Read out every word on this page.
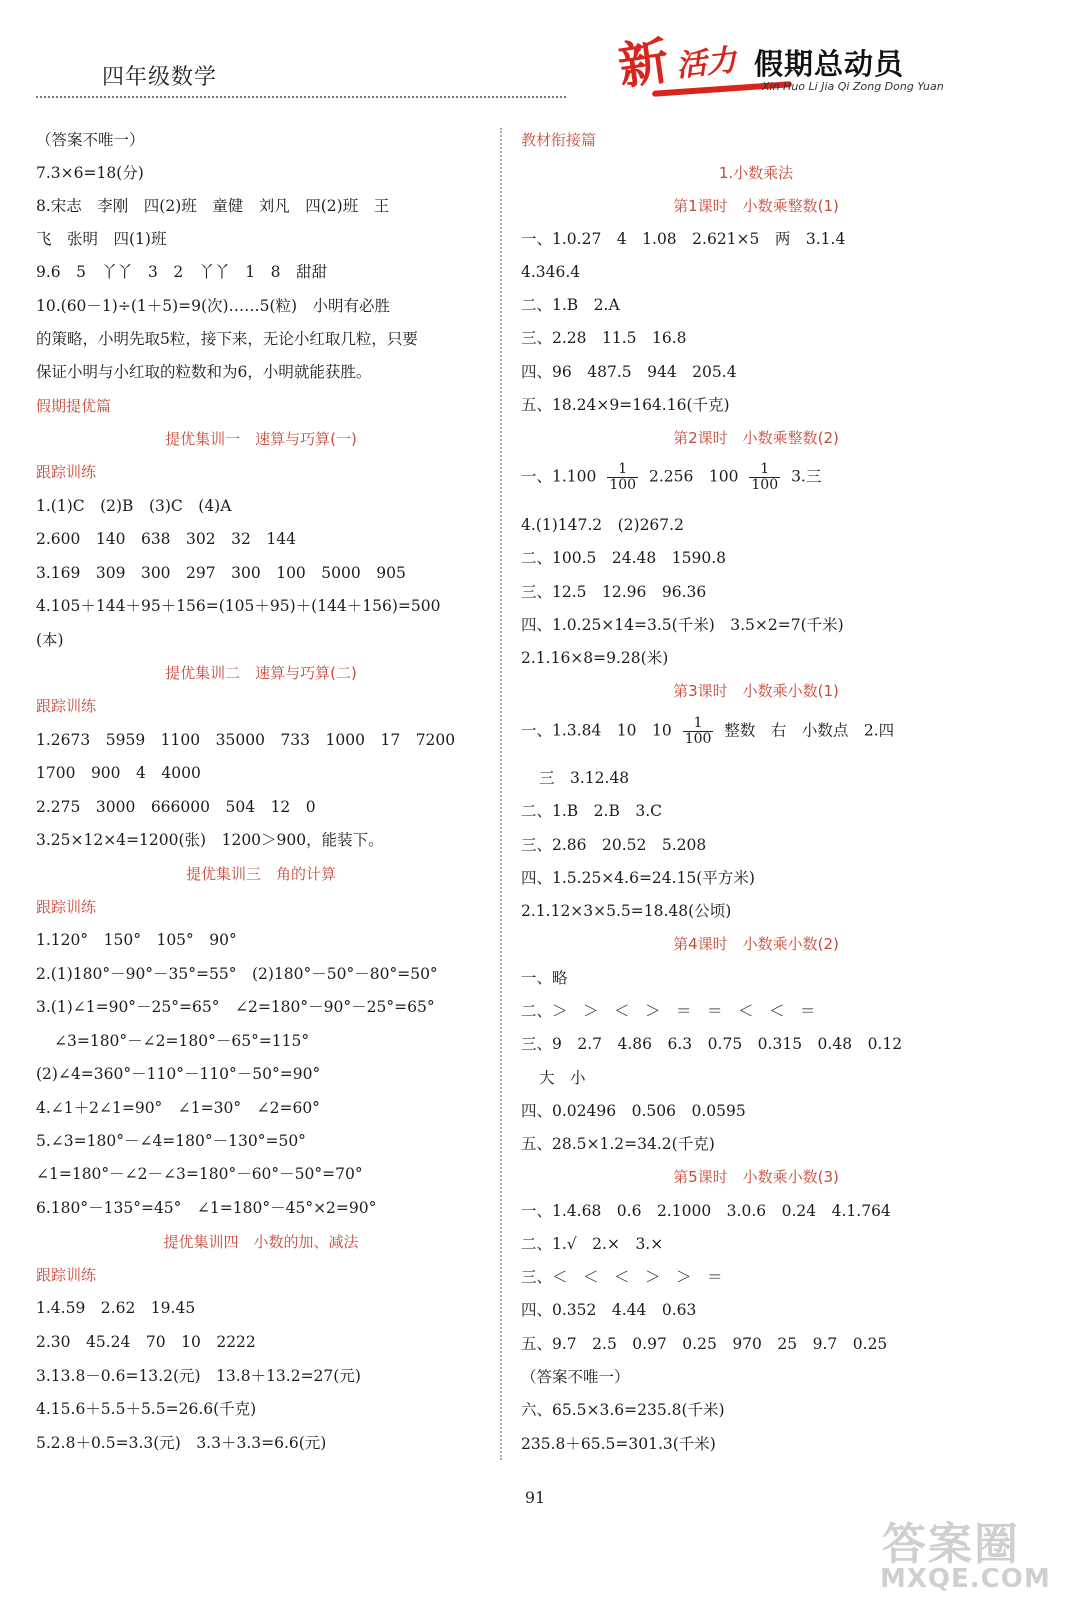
四年级数学	新 活力 假期总动员
Xin Huo Li Jia Qi Zong Dong Yuan
（答案不唯一）
7.3×6=18(分)
8.宋志　李刚　四(2)班　童健　刘凡　四(2)班　王
飞　张明　四(1)班
9.6　5　丫丫　3　2　丫丫　1　8　甜甜
10.(60－1)÷(1＋5)=9(次)……5(粒)　小明有必胜
的策略，小明先取5粒，接下来，无论小红取几粒，只要
保证小明与小红取的粒数和为6，小明就能获胜。
假期提优篇
提优集训一　速算与巧算(一)
跟踪训练
1.(1)C　(2)B　(3)C　(4)A
2.600　140　638　302　32　144
3.169　309　300　297　300　100　5000　905
4.105＋144＋95＋156=(105＋95)＋(144＋156)=500
(本)
提优集训二　速算与巧算(二)
跟踪训练
1.2673　5959　1100　35000　733　1000　17　7200
1700　900　4　4000
2.275　3000　666000　504　12　0
3.25×12×4=1200(张)　1200＞900，能装下。
提优集训三　角的计算
跟踪训练
1.120°　150°　105°　90°
2.(1)180°－90°－35°=55°　(2)180°－50°－80°=50°
3.(1)∠1=90°－25°=65°　∠2=180°－90°－25°=65°
∠3=180°－∠2=180°－65°=115°
(2)∠4=360°－110°－110°－50°=90°
4.∠1＋2∠1=90°　∠1=30°　∠2=60°
5.∠3=180°－∠4=180°－130°=50°
∠1=180°－∠2－∠3=180°－60°－50°=70°
6.180°－135°=45°　∠1=180°－45°×2=90°
提优集训四　小数的加、减法
跟踪训练
1.4.59　2.62　19.45
2.30　45.24　70　10　2222
3.13.8－0.6=13.2(元)　13.8＋13.2=27(元)
4.15.6＋5.5＋5.5=26.6(千克)
5.2.8＋0.5=3.3(元)　3.3＋3.3=6.6(元)
教材衔接篇
1.小数乘法
第1课时　小数乘整数(1)
一、1.0.27　4　1.08　2.621×5　两　3.1.4
4.346.4
二、1.B　2.A
三、2.28　11.5　16.8
四、96　487.5　944　205.4
五、18.24×9=164.16(千克)
第2课时　小数乘整数(2)
一、$1.100 \frac{1}{100} 2.256$　$100 \frac{1}{100} 3$.三
4.(1)147.2　(2)267.2
二、100.5　24.48　1590.8
三、12.5　12.96　96.36
四、1.0.25×14=3.5(千米)　3.5×2=7(千米)
2.1.16×8=9.28(米)
第3课时　小数乘小数(1)
一、1.3.84　10　$10 \frac{1}{100}$ 整数　右　小数点　2.四
三　3.12.48
二、1.B　2.B　3.C
三、2.86　20.52　5.208
四、1.5.25×4.6=24.15(平方米)
2.1.12×3×5.5=18.48(公顷)
第4课时　小数乘小数(2)
一、略
二、＞　＞　＜　＞　＝　＝　＜　＜　＝
三、9　2.7　4.86　6.3　0.75　0.315　0.48　0.12
大　小
四、0.02496　0.506　0.0595
五、28.5×1.2=34.2(千克)
第5课时　小数乘小数(3)
一、1.4.68　0.6　2.1000　3.0.6　0.24　4.1.764
二、1.√　2.×　3.×
三、＜　＜　＜　＞　＞　＝
四、0.352　4.44　0.63
五、9.7　2.5　0.97　0.25　970　25　9.7　0.25
（答案不唯一）
六、65.5×3.6=235.8(千米)
235.8＋65.5=301.3(千米)
91
答案圈
MXQE.COM
